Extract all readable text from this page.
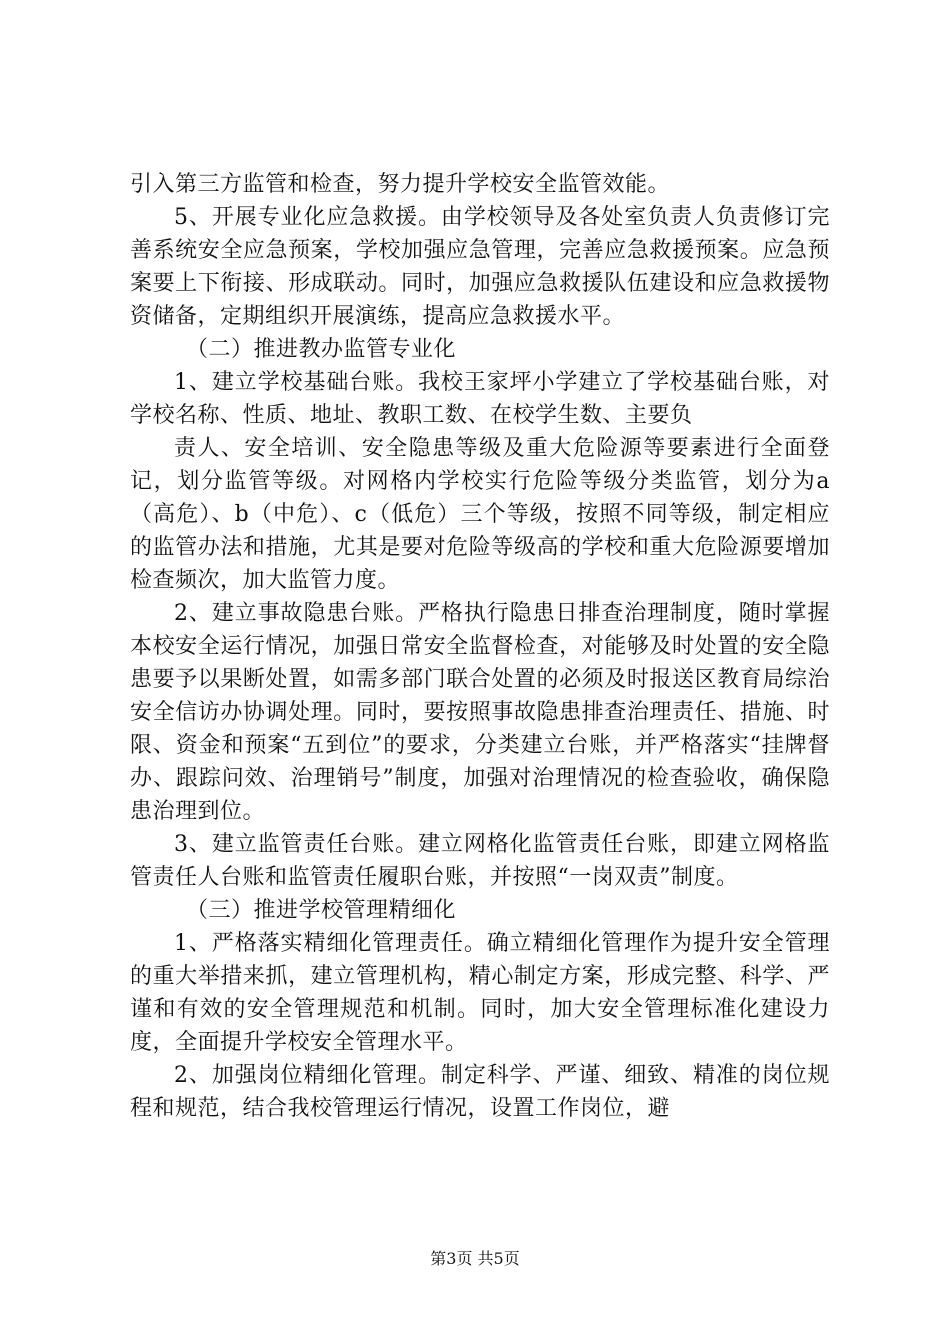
引入第三方监管和检查，努力提升学校安全监管效能。

5、开展专业化应急救援。由学校领导及各处室负责人负责修订完善系统安全应急预案，学校加强应急管理，完善应急救援预案。应急预案要上下衔接、形成联动。同时，加强应急救援队伍建设和应急救援物资储备，定期组织开展演练，提高应急救援水平。

（二）推进教办监管专业化

1、建立学校基础台账。我校王家坪小学建立了学校基础台账，对学校名称、性质、地址、教职工数、在校学生数、主要负

责人、安全培训、安全隐患等级及重大危险源等要素进行全面登记，划分监管等级。对网格内学校实行危险等级分类监管，划分为a（高危）、b（中危）、c（低危）三个等级，按照不同等级，制定相应的监管办法和措施，尤其是要对危险等级高的学校和重大危险源要增加检查频次，加大监管力度。

2、建立事故隐患台账。严格执行隐患日排查治理制度，随时掌握本校安全运行情况，加强日常安全监督检查，对能够及时处置的安全隐患要予以果断处置，如需多部门联合处置的必须及时报送区教育局综治安全信访办协调处理。同时，要按照事故隐患排查治理责任、措施、时限、资金和预案“五到位”的要求，分类建立台账，并严格落实“挂牌督办、跟踪问效、治理销号”制度，加强对治理情况的检查验收，确保隐患治理到位。

3、建立监管责任台账。建立网格化监管责任台账，即建立网格监管责任人台账和监管责任履职台账，并按照“一岗双责”制度。

（三）推进学校管理精细化

1、严格落实精细化管理责任。确立精细化管理作为提升安全管理的重大举措来抓，建立管理机构，精心制定方案，形成完整、科学、严谨和有效的安全管理规范和机制。同时，加大安全管理标准化建设力度，全面提升学校安全管理水平。

2、加强岗位精细化管理。制定科学、严谨、细致、精准的岗位规程和规范，结合我校管理运行情况，设置工作岗位，避

第3页 共5页
